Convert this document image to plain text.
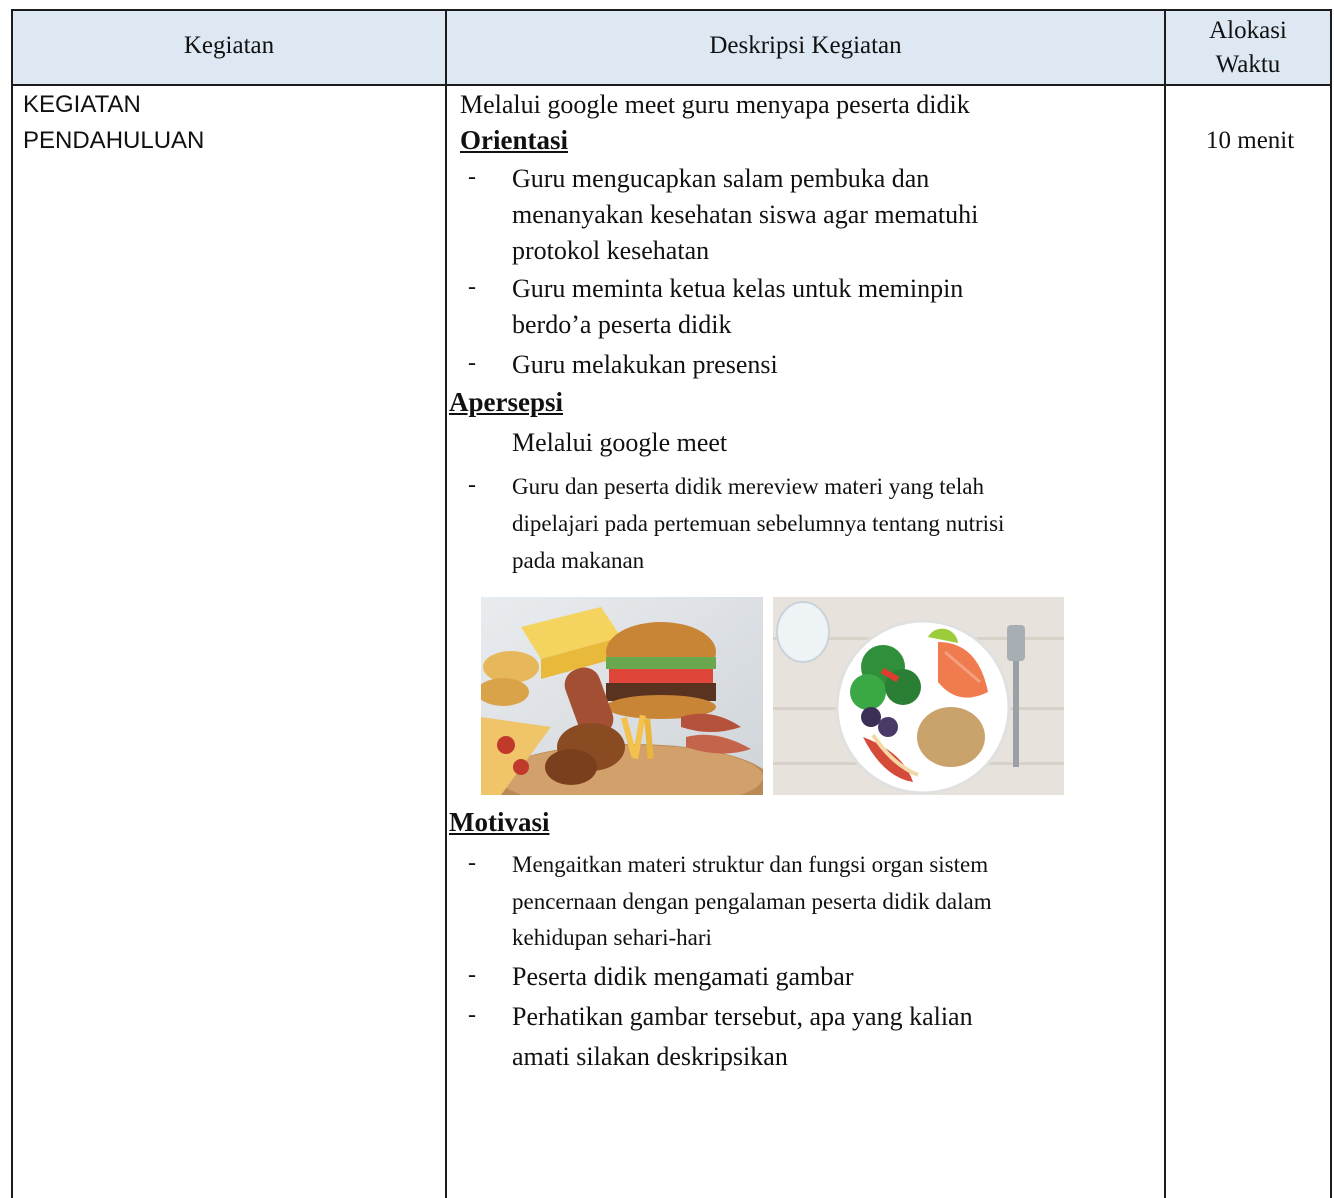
Kegiatan	Deskripsi Kegiatan
Alokasi
Waktu
KEGIATAN
PENDAHULUAN	10 menit
Melalui google meet guru menyapa peserta didik
Orientasi
- Guru mengucapkan salam pembuka dan
menanyakan kesehatan siswa agar mematuhi
protokol kesehatan
- Guru meminta ketua kelas untuk meminpin
berdo’a peserta didik
- Guru melakukan presensi
Apersepsi
Melalui google meet
- Guru dan peserta didik mereview materi yang telah
dipelajari pada pertemuan sebelumnya tentang nutrisi
pada makanan
Motivasi
- Mengaitkan materi struktur dan fungsi organ sistem
pencernaan dengan pengalaman peserta didik dalam
kehidupan sehari-hari
- Peserta didik mengamati gambar
- Perhatikan gambar tersebut, apa yang kalian
amati silakan deskripsikan
